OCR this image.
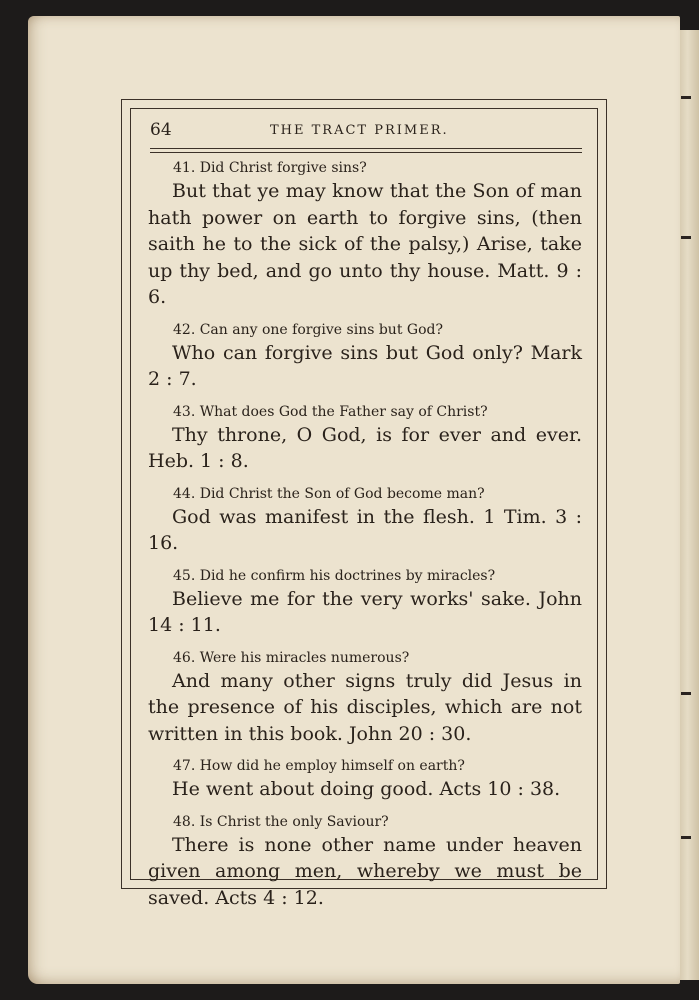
64	THE TRACT PRIMER.

41. Did Christ forgive sins?

But that ye may know that the Son of man hath power on earth to forgive sins, (then saith he to the sick of the palsy,) Arise, take up thy bed, and go unto thy house. Matt. 9 : 6.

42. Can any one forgive sins but God?

Who can forgive sins but God only? Mark 2 : 7.

43. What does God the Father say of Christ?

Thy throne, O God, is for ever and ever. Heb. 1 : 8.

44. Did Christ the Son of God become man?

God was manifest in the flesh. 1 Tim. 3 : 16.

45. Did he confirm his doctrines by miracles?

Believe me for the very works' sake. John 14 : 11.

46. Were his miracles numerous?

And many other signs truly did Jesus in the presence of his disciples, which are not written in this book. John 20 : 30.

47. How did he employ himself on earth?

He went about doing good. Acts 10 : 38.

48. Is Christ the only Saviour?

There is none other name under heaven given among men, whereby we must be saved. Acts 4 : 12.
